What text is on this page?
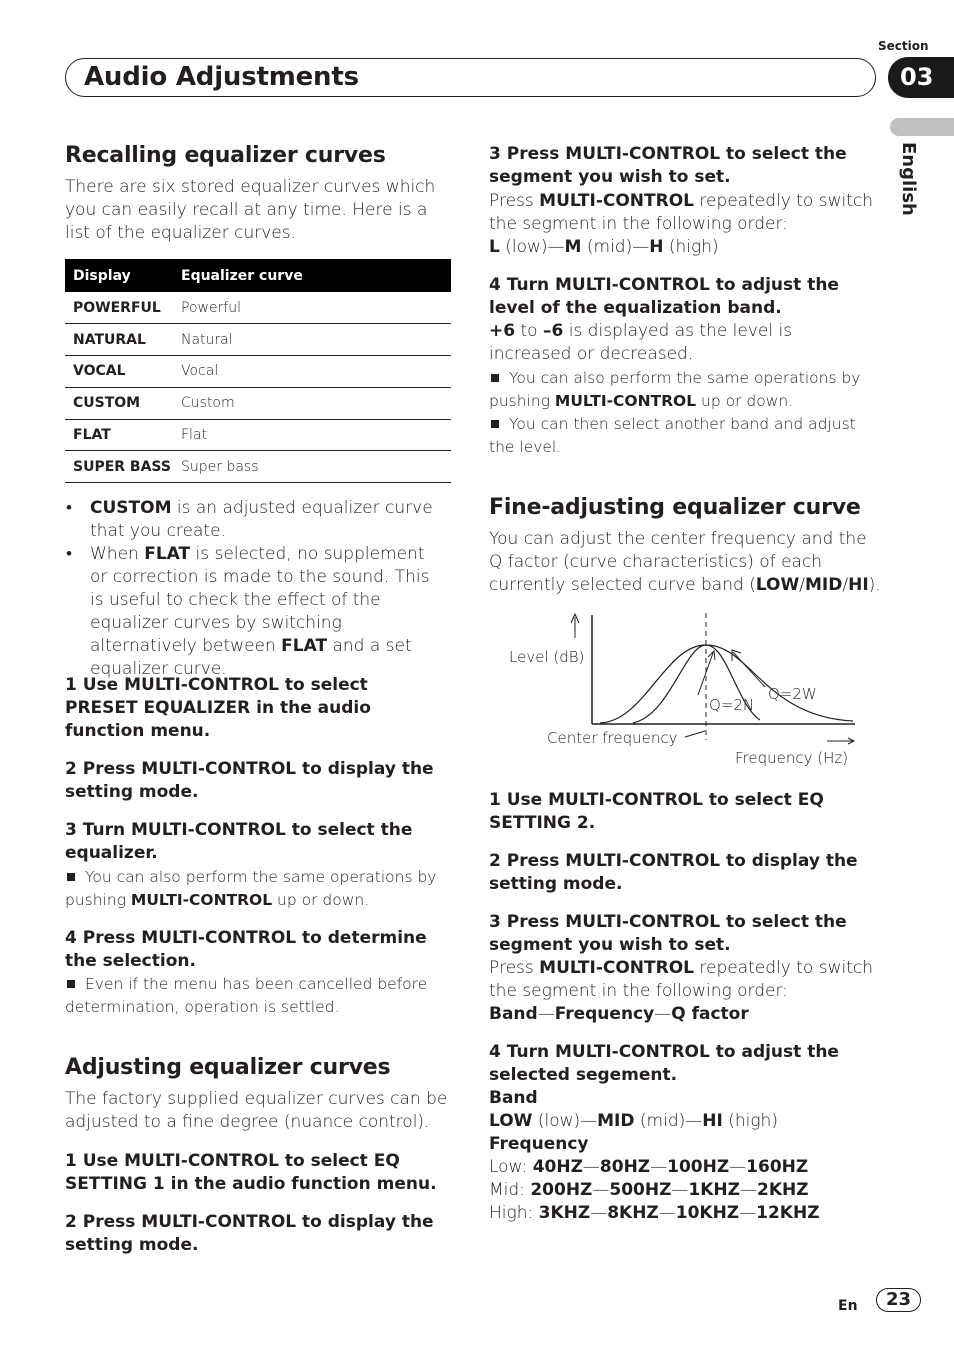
Section
Audio Adjustments	03
English
Recalling equalizer curves
There are six stored equalizer curves which you can easily recall at any time. Here is a list of the equalizer curves.
Display	Equalizer curve
POWERFUL	Powerful
NATURAL	Natural
VOCAL	Vocal
CUSTOM	Custom
FLAT	Flat
SUPER BASS	Super bass
• CUSTOM is an adjusted equalizer curve that you create.
• When FLAT is selected, no supplement or correction is made to the sound. This is useful to check the effect of the equalizer curves by switching alternatively between FLAT and a set equalizer curve.
1 Use MULTI-CONTROL to select PRESET EQUALIZER in the audio function menu.
2 Press MULTI-CONTROL to display the setting mode.
3 Turn MULTI-CONTROL to select the equalizer.
You can also perform the same operations by pushing MULTI-CONTROL up or down.
4 Press MULTI-CONTROL to determine the selection.
Even if the menu has been cancelled before determination, operation is settled.
Adjusting equalizer curves
The factory supplied equalizer curves can be adjusted to a fine degree (nuance control).
1 Use MULTI-CONTROL to select EQ SETTING 1 in the audio function menu.
2 Press MULTI-CONTROL to display the setting mode.
3 Press MULTI-CONTROL to select the segment you wish to set.
Press MULTI-CONTROL repeatedly to switch the segment in the following order:
L (low)—M (mid)—H (high)
4 Turn MULTI-CONTROL to adjust the level of the equalization band.
+6 to –6 is displayed as the level is increased or decreased.
You can also perform the same operations by pushing MULTI-CONTROL up or down.
You can then select another band and adjust the level.
Fine-adjusting equalizer curve
You can adjust the center frequency and the Q factor (curve characteristics) of each currently selected curve band (LOW/MID/HI).
Level (dB)
Q=2N
Q=2W
Center frequency
Frequency (Hz)
1 Use MULTI-CONTROL to select EQ SETTING 2.
2 Press MULTI-CONTROL to display the setting mode.
3 Press MULTI-CONTROL to select the segment you wish to set.
Press MULTI-CONTROL repeatedly to switch the segment in the following order:
Band—Frequency—Q factor
4 Turn MULTI-CONTROL to adjust the selected segement.
Band
LOW (low)—MID (mid)—HI (high)
Frequency
Low: 40HZ—80HZ—100HZ—160HZ
Mid: 200HZ—500HZ—1KHZ—2KHZ
High: 3KHZ—8KHZ—10KHZ—12KHZ
En	23
